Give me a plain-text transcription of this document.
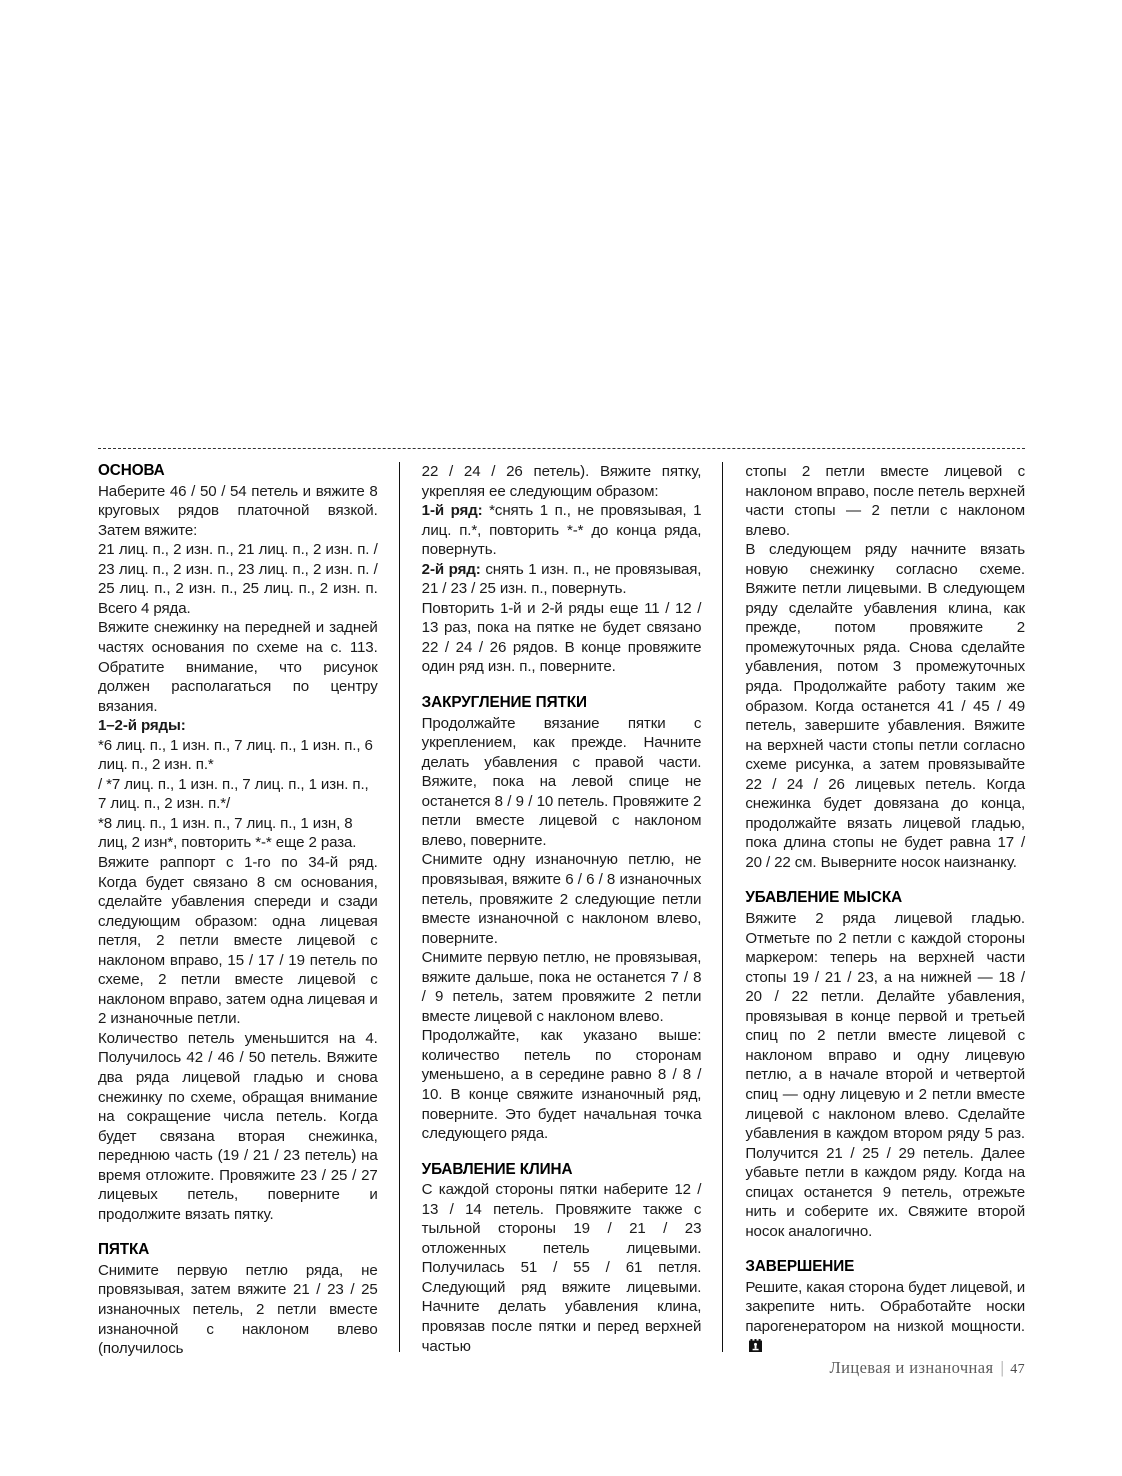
ОСНОВА

Наберите 46 / 50 / 54 петель и вяжите 8 круговых рядов платочной вязкой. Затем вяжите:

21 лиц. п., 2 изн. п., 21 лиц. п., 2 изн. п. / 23 лиц. п., 2 изн. п., 23 лиц. п., 2 изн. п. / 25 лиц. п., 2 изн. п., 25 лиц. п., 2 изн. п. Всего 4 ряда.

Вяжите снежинку на передней и задней частях основания по схеме на с. 113. Обратите внимание, что рисунок должен располагаться по центру вязания.

1–2-й ряды:

*6 лиц. п., 1 изн. п., 7 лиц. п., 1 изн. п., 6 лиц. п., 2 изн. п.*

/ *7 лиц. п., 1 изн. п., 7 лиц. п., 1 изн. п., 7 лиц. п., 2 изн. п.*/

*8 лиц. п., 1 изн. п., 7 лиц. п., 1 изн, 8 лиц, 2 изн*, повторить *-* еще 2 раза.

Вяжите раппорт с 1-го по 34-й ряд. Когда будет связано 8 см основания, сделайте убавления спереди и сзади следующим образом: одна лицевая петля, 2 петли вместе лицевой с наклоном вправо, 15 / 17 / 19 петель по схеме, 2 петли вместе лицевой с наклоном вправо, затем одна лицевая и 2 изнаночные петли.

Количество петель уменьшится на 4. Получилось 42 / 46 / 50 петель. Вяжите два ряда лицевой гладью и снова снежинку по схеме, обращая внимание на сокращение числа петель. Когда будет связана вторая снежинка, переднюю часть (19 / 21 / 23 петель) на время отложите. Провяжите 23 / 25 / 27 лицевых петель, поверните и продолжите вязать пятку.

ПЯТКА

Снимите первую петлю ряда, не провязывая, затем вяжите 21 / 23 / 25 изнаночных петель, 2 петли вместе изнаночной с наклоном влево (получилось

22 / 24 / 26 петель). Вяжите пятку, укрепляя ее следующим образом:

1-й ряд: *снять 1 п., не провязывая, 1 лиц. п.*, повторить *-* до конца ряда, повернуть.

2-й ряд: снять 1 изн. п., не провязывая, 21 / 23 / 25 изн. п., повернуть.

Повторить 1-й и 2-й ряды еще 11 / 12 / 13 раз, пока на пятке не будет связано 22 / 24 / 26 рядов. В конце провяжите один ряд изн. п., поверните.

ЗАКРУГЛЕНИЕ ПЯТКИ

Продолжайте вязание пятки с укреплением, как прежде. Начните делать убавления с правой части. Вяжите, пока на левой спице не останется 8 / 9 / 10 петель. Провяжите 2 петли вместе лицевой с наклоном влево, поверните.

Снимите одну изнаночную петлю, не провязывая, вяжите 6 / 6 / 8 изнаночных петель, провяжите 2 следующие петли вместе изнаночной с наклоном влево, поверните.

Снимите первую петлю, не провязывая, вяжите дальше, пока не останется 7 / 8 / 9 петель, затем провяжите 2 петли вместе лицевой с наклоном влево.

Продолжайте, как указано выше: количество петель по сторонам уменьшено, а в середине равно 8 / 8 / 10. В конце свяжите изнаночный ряд, поверните. Это будет начальная точка следующего ряда.

УБАВЛЕНИЕ КЛИНА

С каждой стороны пятки наберите 12 / 13 / 14 петель. Провяжите также с тыльной стороны 19 / 21 / 23 отложенных петель лицевыми. Получилась 51 / 55 / 61 петля. Следующий ряд вяжите лицевыми. Начните делать убавления клина, провязав после пятки и перед верхней частью

стопы 2 петли вместе лицевой с наклоном вправо, после петель верхней части стопы — 2 петли с наклоном влево.

В следующем ряду начните вязать новую снежинку согласно схеме. Вяжите петли лицевыми. В следующем ряду сделайте убавления клина, как прежде, потом провяжите 2 промежуточных ряда. Снова сделайте убавления, потом 3 промежуточных ряда. Продолжайте работу таким же образом. Когда останется 41 / 45 / 49 петель, завершите убавления. Вяжите на верхней части стопы петли согласно схеме рисунка, а затем провязывайте 22 / 24 / 26 лицевых петель. Когда снежинка будет довязана до конца, продолжайте вязать лицевой гладью, пока длина стопы не будет равна 17 / 20 / 22 см. Выверните носок наизнанку.

УБАВЛЕНИЕ МЫСКА

Вяжите 2 ряда лицевой гладью. Отметьте по 2 петли с каждой стороны маркером: теперь на верхней части стопы 19 / 21 / 23, а на нижней — 18 / 20 / 22 петли. Делайте убавления, провязывая в конце первой и третьей спиц по 2 петли вместе лицевой с наклоном вправо и одну лицевую петлю, а в начале второй и четвертой спиц — одну лицевую и 2 петли вместе лицевой с наклоном влево. Сделайте убавления в каждом втором ряду 5 раз. Получится 21 / 25 / 29 петель. Далее убавьте петли в каждом ряду. Когда на спицах останется 9 петель, отрежьте нить и соберите их. Свяжите второй носок аналогично.

ЗАВЕРШЕНИЕ

Решите, какая сторона будет лицевой, и закрепите нить. Обработайте носки парогенератором на низкой мощности.

Лицевая и изнаночная | 47
